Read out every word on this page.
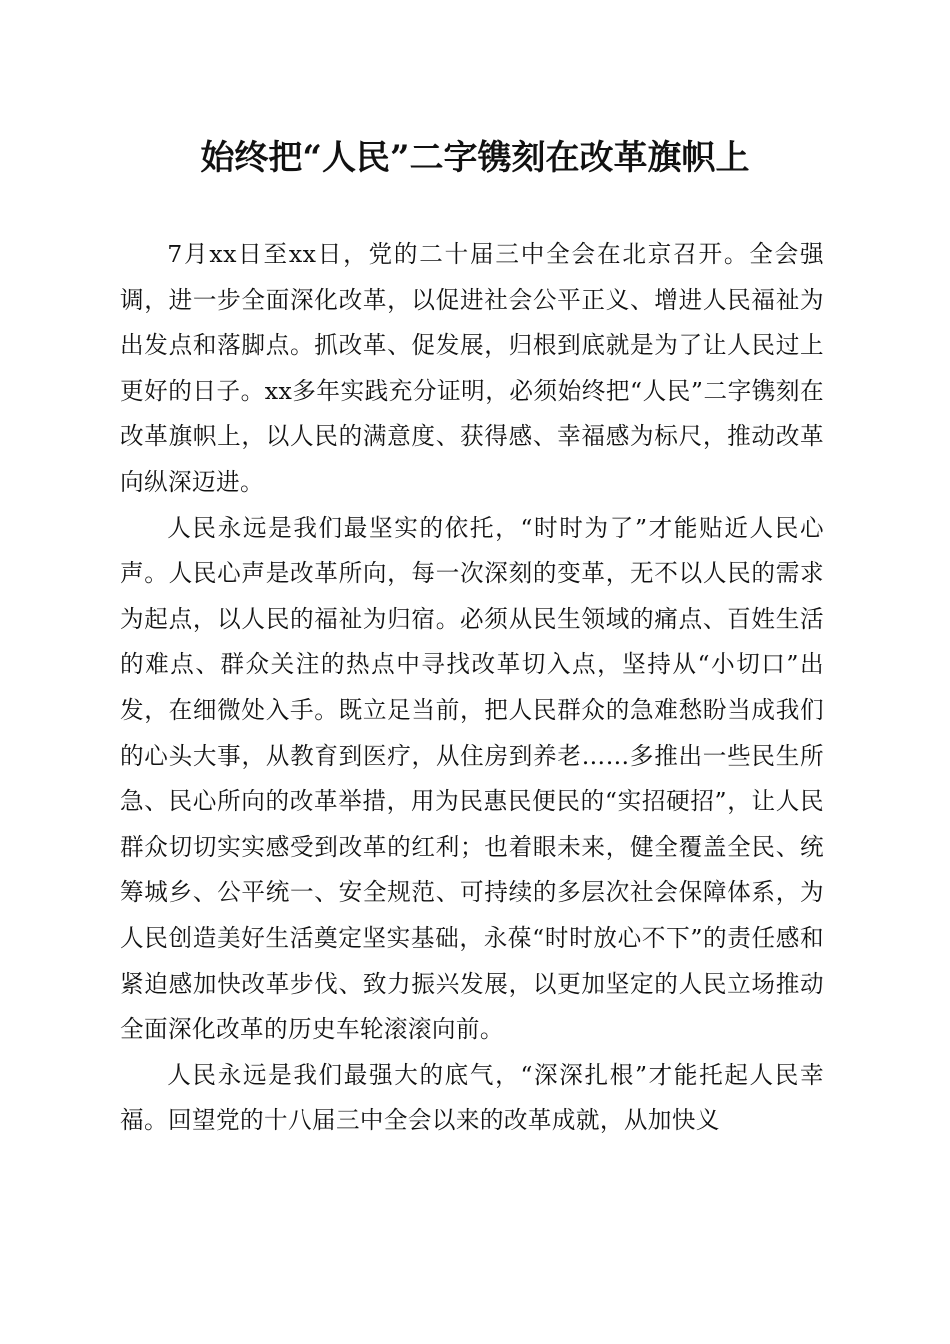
始终把“人民”二字镌刻在改革旗帜上

7月xx日至xx日，党的二十届三中全会在北京召开。全会强调，进一步全面深化改革，以促进社会公平正义、增进人民福祉为出发点和落脚点。抓改革、促发展，归根到底就是为了让人民过上更好的日子。xx多年实践充分证明，必须始终把“人民”二字镌刻在改革旗帜上，以人民的满意度、获得感、幸福感为标尺，推动改革向纵深迈进。

人民永远是我们最坚实的依托，“时时为了”才能贴近人民心声。人民心声是改革所向，每一次深刻的变革，无不以人民的需求为起点，以人民的福祉为归宿。必须从民生领域的痛点、百姓生活的难点、群众关注的热点中寻找改革切入点，坚持从“小切口”出发，在细微处入手。既立足当前，把人民群众的急难愁盼当成我们的心头大事，从教育到医疗，从住房到养老……多推出一些民生所急、民心所向的改革举措，用为民惠民便民的“实招硬招”，让人民群众切切实实感受到改革的红利；也着眼未来，健全覆盖全民、统筹城乡、公平统一、安全规范、可持续的多层次社会保障体系，为人民创造美好生活奠定坚实基础，永葆“时时放心不下”的责任感和紧迫感加快改革步伐、致力振兴发展，以更加坚定的人民立场推动全面深化改革的历史车轮滚滚向前。

人民永远是我们最强大的底气，“深深扎根”才能托起人民幸福。回望党的十八届三中全会以来的改革成就，从加快义
